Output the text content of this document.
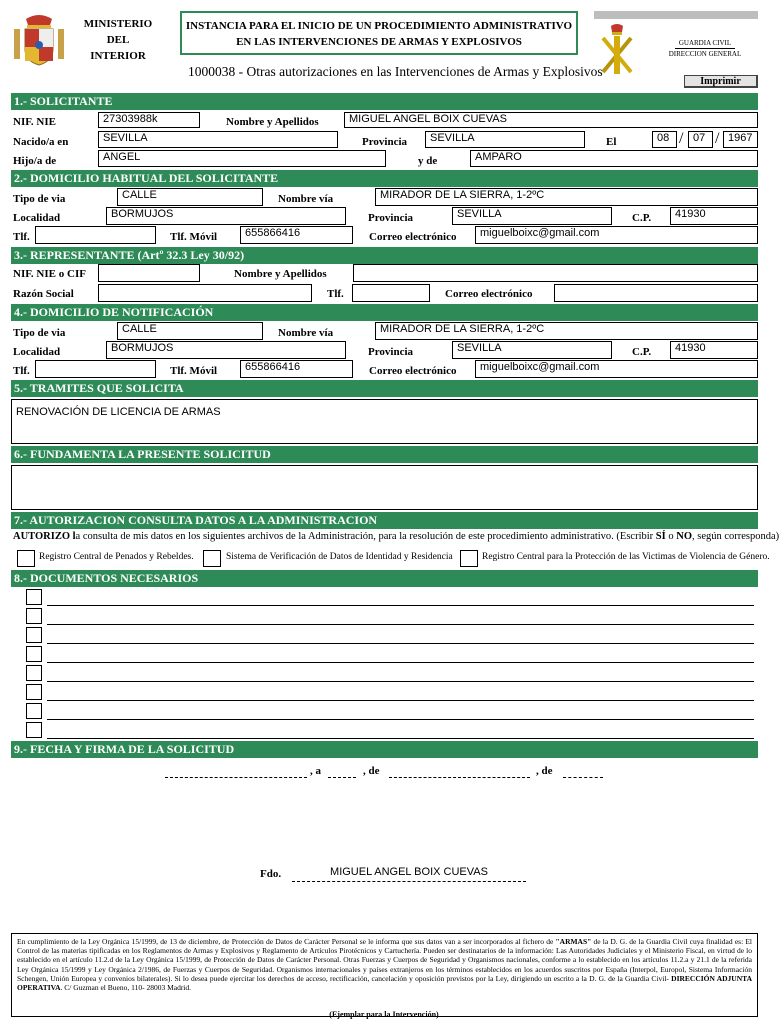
MINISTERIO
DEL INTERIOR
INSTANCIA PARA EL INICIO DE UN PROCEDIMIENTO ADMINISTRATIVO
EN LAS INTERVENCIONES DE ARMAS Y EXPLOSIVOS	GUARDIA CIVIL
DIRECCION GENERAL
1000038 - Otras autorizaciones en las Intervenciones de Armas y Explosivos
Imprimir
1.- SOLICITANTE
NIF. NIE	27303988k	Nombre y Apellidos	MIGUEL ANGEL BOIX CUEVAS
Nacido/a en	SEVILLA	Provincia	SEVILLA	El	08 / 07 / 1967
Hijo/a de	ANGEL	y de	AMPARO
2.- DOMICILIO HABITUAL DEL SOLICITANTE
Tipo de via	CALLE	Nombre vía	MIRADOR DE LA SIERRA, 1-2ºC
Localidad	BORMUJOS	Provincia	SEVILLA	C.P.	41930
Tlf.	Tlf. Móvil	655866416	Correo electrónico	miguelboixc@gmail.com
3.- REPRESENTANTE (Artº 32.3 Ley 30/92)
NIF. NIE o CIF	Nombre y Apellidos
Razón Social	Tlf.	Correo electrónico
4.- DOMICILIO DE NOTIFICACIÓN
Tipo de via	CALLE	Nombre vía	MIRADOR DE LA SIERRA, 1-2ºC
Localidad	BORMUJOS	Provincia	SEVILLA	C.P.	41930
Tlf.	Tlf. Móvil	655866416	Correo electrónico	miguelboixc@gmail.com
5.- TRAMITES QUE SOLICITA
RENOVACIÓN DE LICENCIA DE ARMAS
6.- FUNDAMENTA LA PRESENTE SOLICITUD
7.- AUTORIZACION CONSULTA DATOS A LA ADMINISTRACION
AUTORIZO la consulta de mis datos en los siguientes archivos de la Administración, para la resolución de este procedimiento administrativo. (Escribir SÍ o NO, según corresponda)
Registro Central de Penados y Rebeldes.	Sistema de Verificación de Datos de Identidad y Residencia	Registro Central para la Protección de las Victimas de Violencia de Género.
8.- DOCUMENTOS NECESARIOS
9.- FECHA Y FIRMA DE LA SOLICITUD
, a	, de	, de
Fdo.	MIGUEL ANGEL BOIX CUEVAS
En cumplimiento de la Ley Orgánica 15/1999, de 13 de diciembre, de Protección de Datos de Carácter Personal se le informa que sus datos van a ser incorporados al fichero de "ARMAS" de la D. G. de la Guardia Civil cuya finalidad es: El Control de las materias tipificadas en los Reglamentos de Armas y Explosivos y Reglamento de Artículos Pirotécnicos y Cartuchería. Pueden ser destinatarios de la información: Las Autoridades Judiciales y el Ministerio Fiscal, en virtud de lo establecido en el artículo 11.2.d de la Ley Orgánica 15/1999, de Protección de Datos de Carácter Personal. Otras Fuerzas y Cuerpos de Seguridad y Organismos nacionales, conforme a lo establecido en los artículos 11.2.a y 21.1 de la referida Ley Orgánica 15/1999 y Ley Orgánica 2/1986, de Fuerzas y Cuerpos de Seguridad. Organismos internacionales y países extranjeros en los términos establecidos en los acuerdos suscritos por España (Interpol, Europol, Sistema Información Schengen, Unión Europea y convenios bilaterales). Si lo desea puede ejercitar los derechos de acceso, rectificación, cancelación y oposición previstos por la Ley, dirigiendo un escrito a la D. G. de la Guardia Civil- DIRECCIÓN ADJUNTA OPERATIVA. C/ Guzman el Bueno, 110- 28003 Madrid.
(Ejemplar para la Intervención)
